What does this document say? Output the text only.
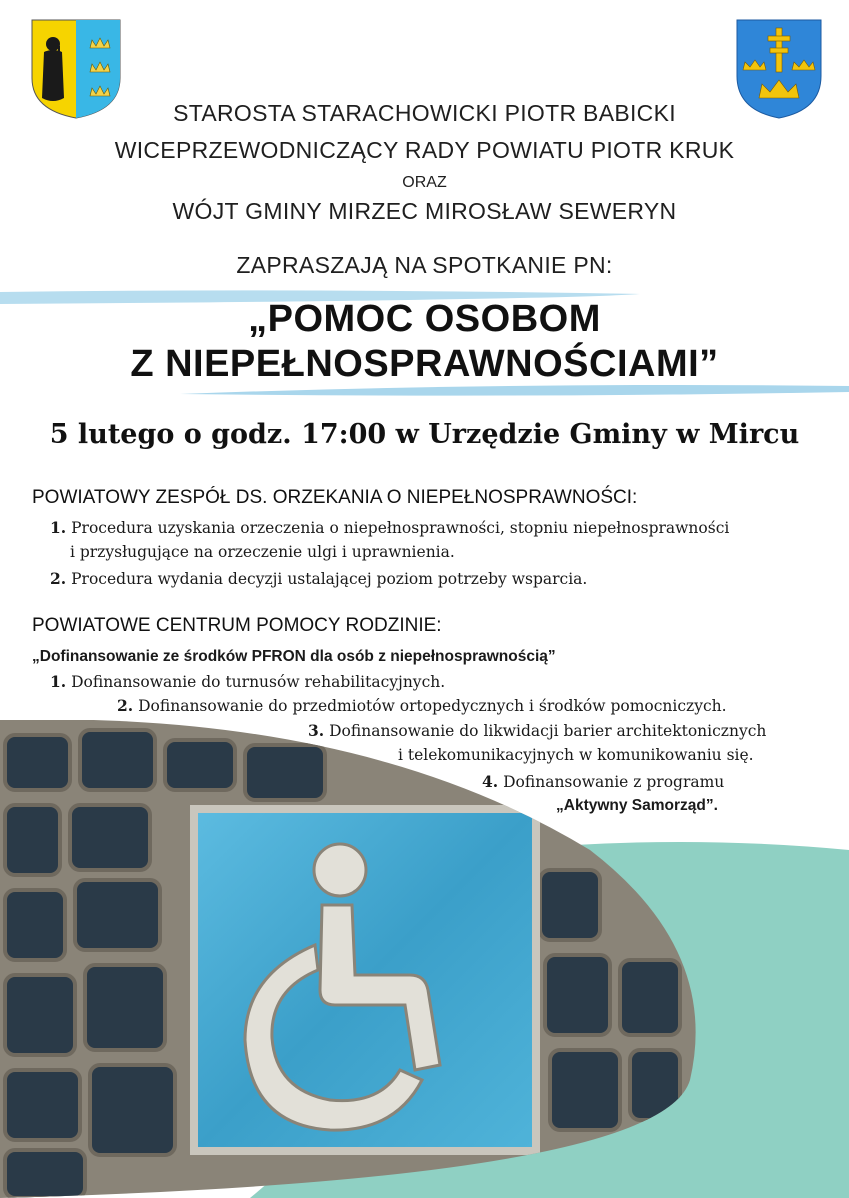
STAROSTA STARACHOWICKI PIOTR BABICKI
WICEPRZEWODNICZĄCY RADY POWIATU PIOTR KRUK
ORAZ
WÓJT GMINY MIRZEC MIROSŁAW SEWERYN
ZAPRASZAJĄ NA SPOTKANIE PN:
„POMOC OSOBOM
Z NIEPEŁNOSPRAWNOŚCIAMI”
5 lutego o godz. 17:00 w Urzędzie Gminy w Mircu
POWIATOWY ZESPÓŁ DS. ORZEKANIA O NIEPEŁNOSPRAWNOŚCI:
1. Procedura uzyskania orzeczenia o niepełnosprawności, stopniu niepełnosprawności
i przysługujące na orzeczenie ulgi i uprawnienia.
2. Procedura wydania decyzji ustalającej poziom potrzeby wsparcia.
POWIATOWE CENTRUM POMOCY RODZINIE:
„Dofinansowanie ze środków PFRON dla osób z niepełnosprawnością”
1. Dofinansowanie do turnusów rehabilitacyjnych.
2. Dofinansowanie do przedmiotów ortopedycznych i środków pomocniczych.
3. Dofinansowanie do likwidacji barier architektonicznych
i telekomunikacyjnych w komunikowaniu się.
4. Dofinansowanie z programu
„Aktywny Samorząd”.
